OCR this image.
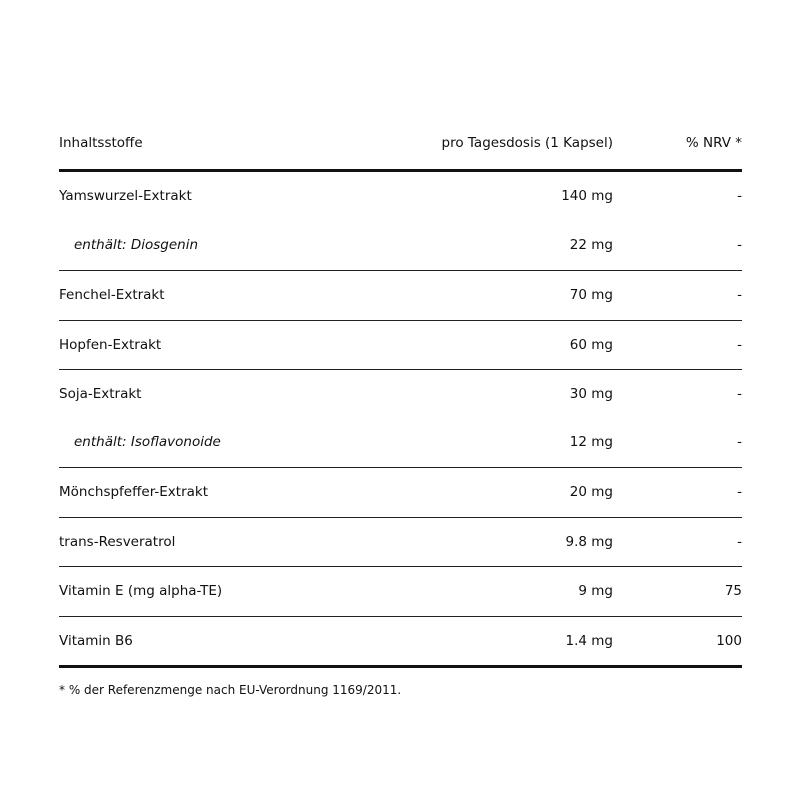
Inhaltsstoffe	pro Tagesdosis (1 Kapsel)	% NRV *
Yamswurzel-Extrakt	140 mg	-
enthält: Diosgenin	22 mg	-
Fenchel-Extrakt	70 mg	-
Hopfen-Extrakt	60 mg	-
Soja-Extrakt	30 mg	-
enthält: Isoflavonoide	12 mg	-
Mönchspfeffer-Extrakt	20 mg	-
trans-Resveratrol	9.8 mg	-
Vitamin E (mg alpha-TE)	9 mg	75
Vitamin B6	1.4 mg	100
* % der Referenzmenge nach EU-Verordnung 1169/2011.
